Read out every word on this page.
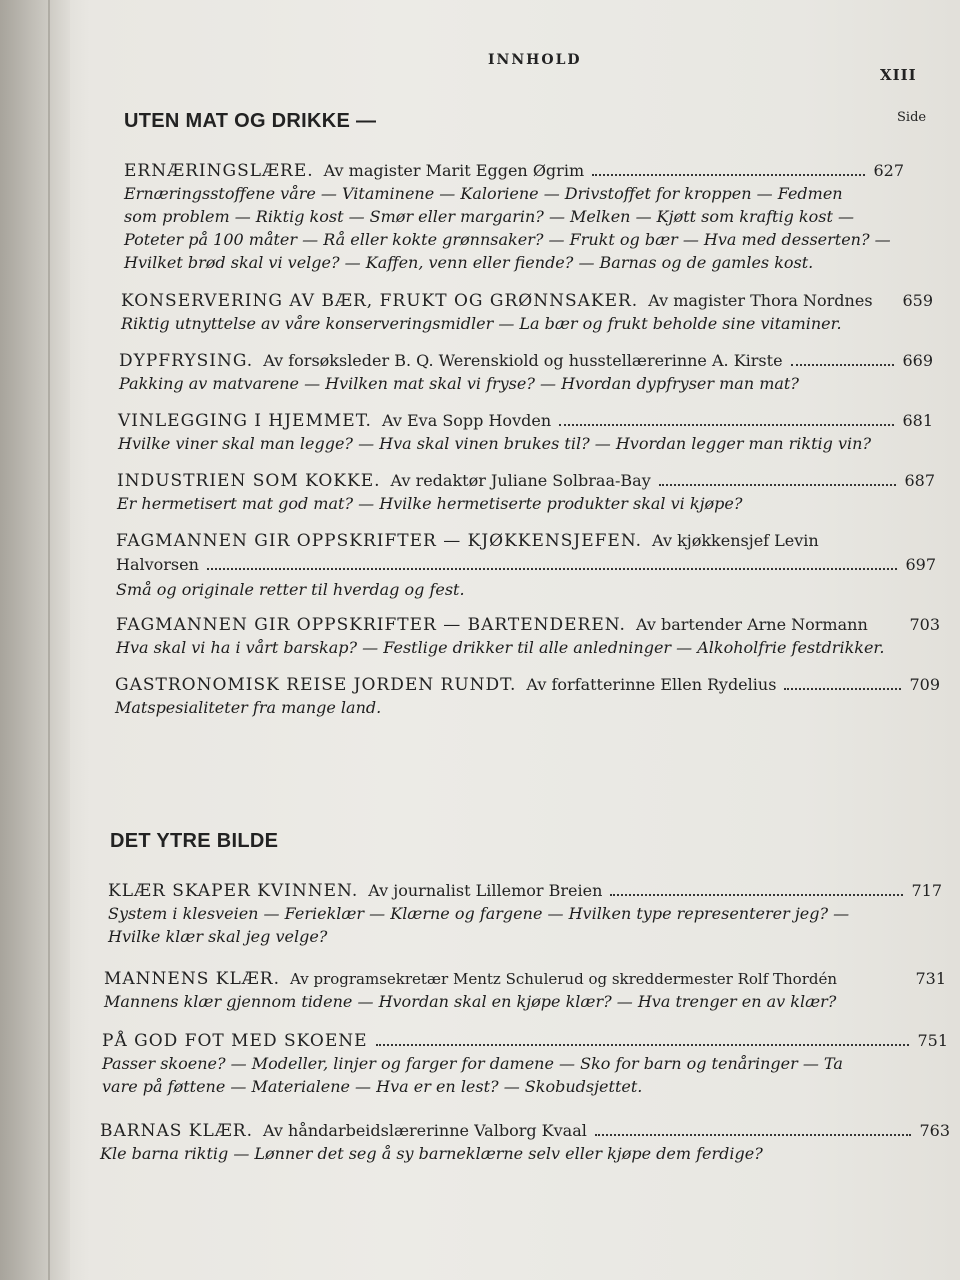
INNHOLD
XIII
Side
UTEN MAT OG DRIKKE —
ERNÆRINGSLÆRE. Av magister Marit Eggen Øgrim	627
Ernæringsstoffene våre — Vitaminene — Kaloriene — Drivstoffet for kroppen — Fedmen
som problem — Riktig kost — Smør eller margarin? — Melken — Kjøtt som kraftig kost —
Poteter på 100 måter — Rå eller kokte grønnsaker? — Frukt og bær — Hva med desserten? —
Hvilket brød skal vi velge? — Kaffen, venn eller fiende? — Barnas og de gamles kost.
KONSERVERING AV BÆR, FRUKT OG GRØNNSAKER. Av magister Thora Nordnes 659
Riktig utnyttelse av våre konserveringsmidler — La bær og frukt beholde sine vitaminer.
DYPFRYSING. Av forsøksleder B. Q. Werenskiold og husstellærerinne A. Kirste	669
Pakking av matvarene — Hvilken mat skal vi fryse? — Hvordan dypfryser man mat?
VINLEGGING I HJEMMET. Av Eva Sopp Hovden	681
Hvilke viner skal man legge? — Hva skal vinen brukes til? — Hvordan legger man riktig vin?
INDUSTRIEN SOM KOKKE. Av redaktør Juliane Solbraa-Bay	687
Er hermetisert mat god mat? — Hvilke hermetiserte produkter skal vi kjøpe?
FAGMANNEN GIR OPPSKRIFTER — KJØKKENSJEFEN. Av kjøkkensjef Levin
Halvorsen	697
Små og originale retter til hverdag og fest.
FAGMANNEN GIR OPPSKRIFTER — BARTENDEREN. Av bartender Arne Normann	703
Hva skal vi ha i vårt barskap? — Festlige drikker til alle anledninger — Alkoholfrie festdrikker.
GASTRONOMISK REISE JORDEN RUNDT. Av forfatterinne Ellen Rydelius	709
Matspesialiteter fra mange land.
DET YTRE BILDE
KLÆR SKAPER KVINNEN. Av journalist Lillemor Breien	717
System i klesveien — Ferieklær — Klærne og fargene — Hvilken type representerer jeg? —
Hvilke klær skal jeg velge?
MANNENS KLÆR. Av programsekretær Mentz Schulerud og skreddermester Rolf Thordén	731
Mannens klær gjennom tidene — Hvordan skal en kjøpe klær? — Hva trenger en av klær?
PÅ GOD FOT MED SKOENE	751
Passer skoene? — Modeller, linjer og farger for damene — Sko for barn og tenåringer — Ta
vare på føttene — Materialene — Hva er en lest? — Skobudsjettet.
BARNAS KLÆR. Av håndarbeidslærerinne Valborg Kvaal	763
Kle barna riktig — Lønner det seg å sy barneklærne selv eller kjøpe dem ferdige?
